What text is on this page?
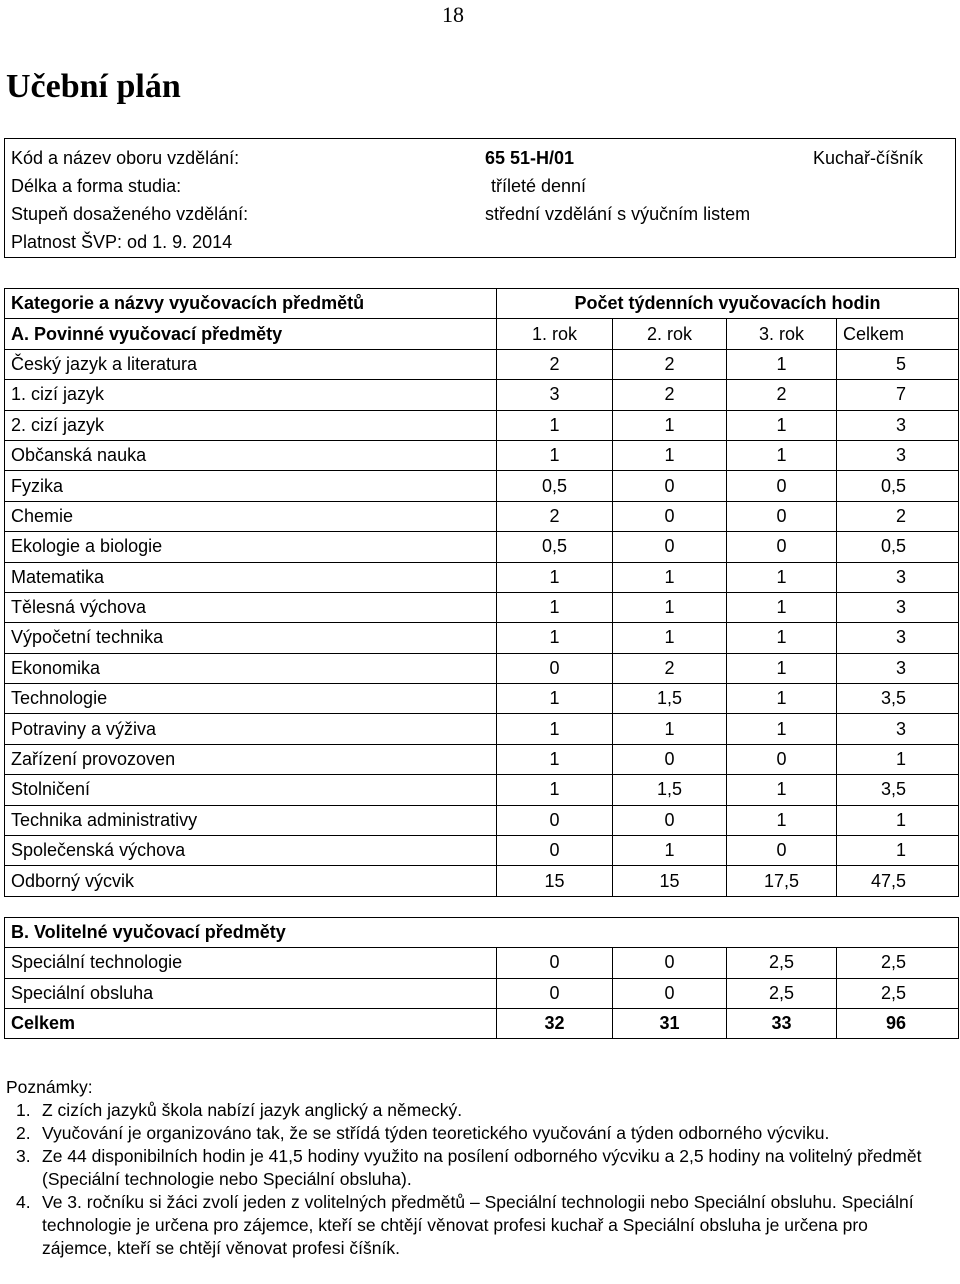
18
Učební plán
Kód a název oboru vzdělání:	65 51-H/01	Kuchař-číšník
Délka a forma studia:	tříleté denní
Stupeň dosaženého vzdělání:	střední vzdělání s výučním listem
Platnost ŠVP: od 1. 9. 2014
Kategorie a názvy vyučovacích předmětů	Počet týdenních vyučovacích hodin			
A. Povinné vyučovací předměty	1. rok	2. rok	3. rok	Celkem
Český jazyk a literatura	2	2	1	5
1. cizí jazyk	3	2	2	7
2. cizí jazyk	1	1	1	3
Občanská nauka	1	1	1	3
Fyzika	0,5	0	0	0,5
Chemie	2	0	0	2
Ekologie a biologie	0,5	0	0	0,5
Matematika	1	1	1	3
Tělesná výchova	1	1	1	3
Výpočetní technika	1	1	1	3
Ekonomika	0	2	1	3
Technologie	1	1,5	1	3,5
Potraviny a výživa	1	1	1	3
Zařízení provozoven	1	0	0	1
Stolničení	1	1,5	1	3,5
Technika administrativy	0	0	1	1
Společenská výchova	0	1	0	1
Odborný výcvik	15	15	17,5	47,5

B. Volitelné vyučovací předměty				
Speciální technologie	0	0	2,5	2,5
Speciální obsluha	0	0	2,5	2,5
Celkem	32	31	33	96
Poznámky:
1. Z cizích jazyků škola nabízí jazyk anglický a německý.
2. Vyučování je organizováno tak, že se střídá týden teoretického vyučování a týden odborného výcviku.
3. Ze 44 disponibilních hodin je 41,5 hodiny využito na posílení odborného výcviku a 2,5 hodiny na volitelný předmět (Speciální technologie nebo Speciální obsluha).
4. Ve 3. ročníku si žáci zvolí jeden z volitelných předmětů – Speciální technologii nebo Speciální obsluhu. Speciální technologie je určena pro zájemce, kteří se chtějí věnovat profesi kuchař a Speciální obsluha je určena pro zájemce, kteří se chtějí věnovat profesi číšník.
